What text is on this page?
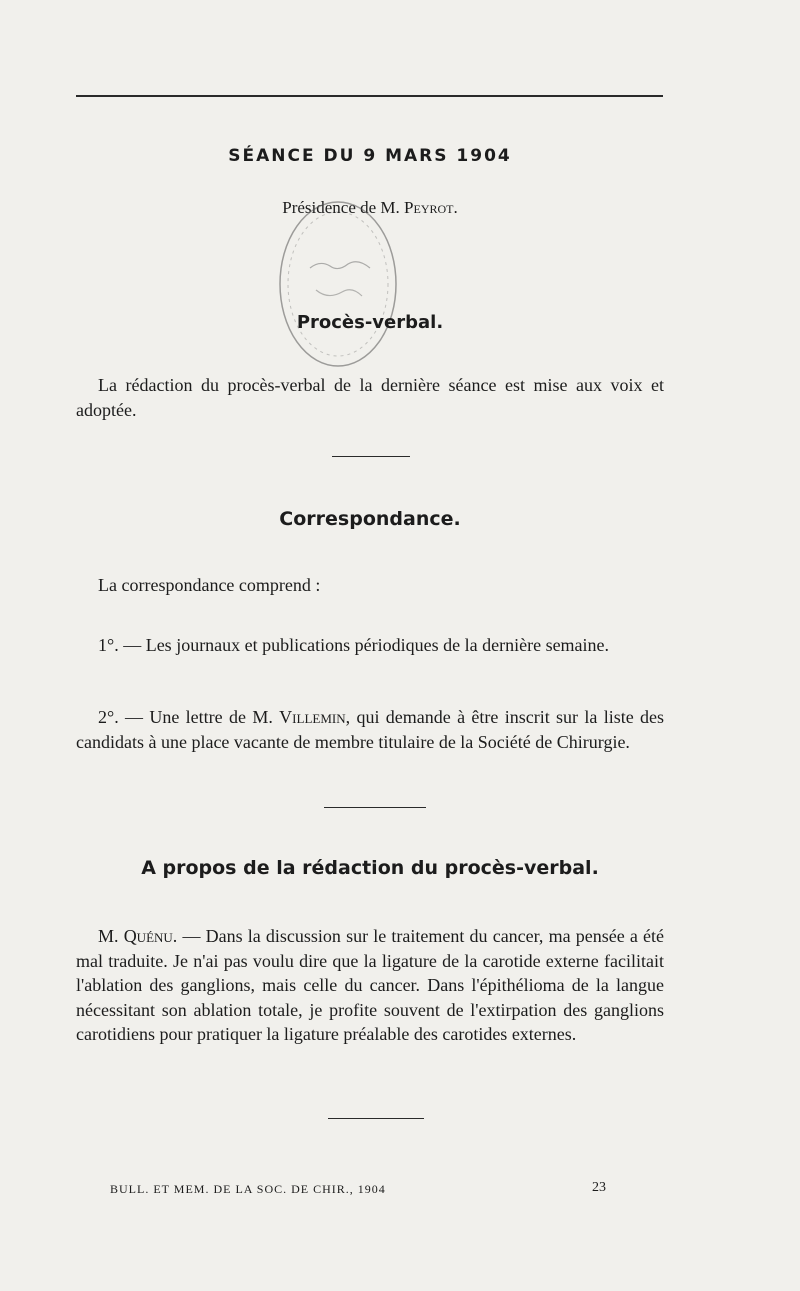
SÉANCE DU 9 MARS 1904
Présidence de M. Peyrot.
Procès-verbal.
La rédaction du procès-verbal de la dernière séance est mise aux voix et adoptée.
Correspondance.
La correspondance comprend :
1°. — Les journaux et publications périodiques de la dernière semaine.
2°. — Une lettre de M. Villemin, qui demande à être inscrit sur la liste des candidats à une place vacante de membre titulaire de la Société de Chirurgie.
A propos de la rédaction du procès-verbal.
M. Quénu. — Dans la discussion sur le traitement du cancer, ma pensée a été mal traduite. Je n'ai pas voulu dire que la ligature de la carotide externe facilitait l'ablation des ganglions, mais celle du cancer. Dans l'épithélioma de la langue nécessitant son ablation totale, je profite souvent de l'extirpation des ganglions carotidiens pour pratiquer la ligature préalable des carotides externes.
BULL. ET MEM. DE LA SOC. DE CHIR., 1904	23
